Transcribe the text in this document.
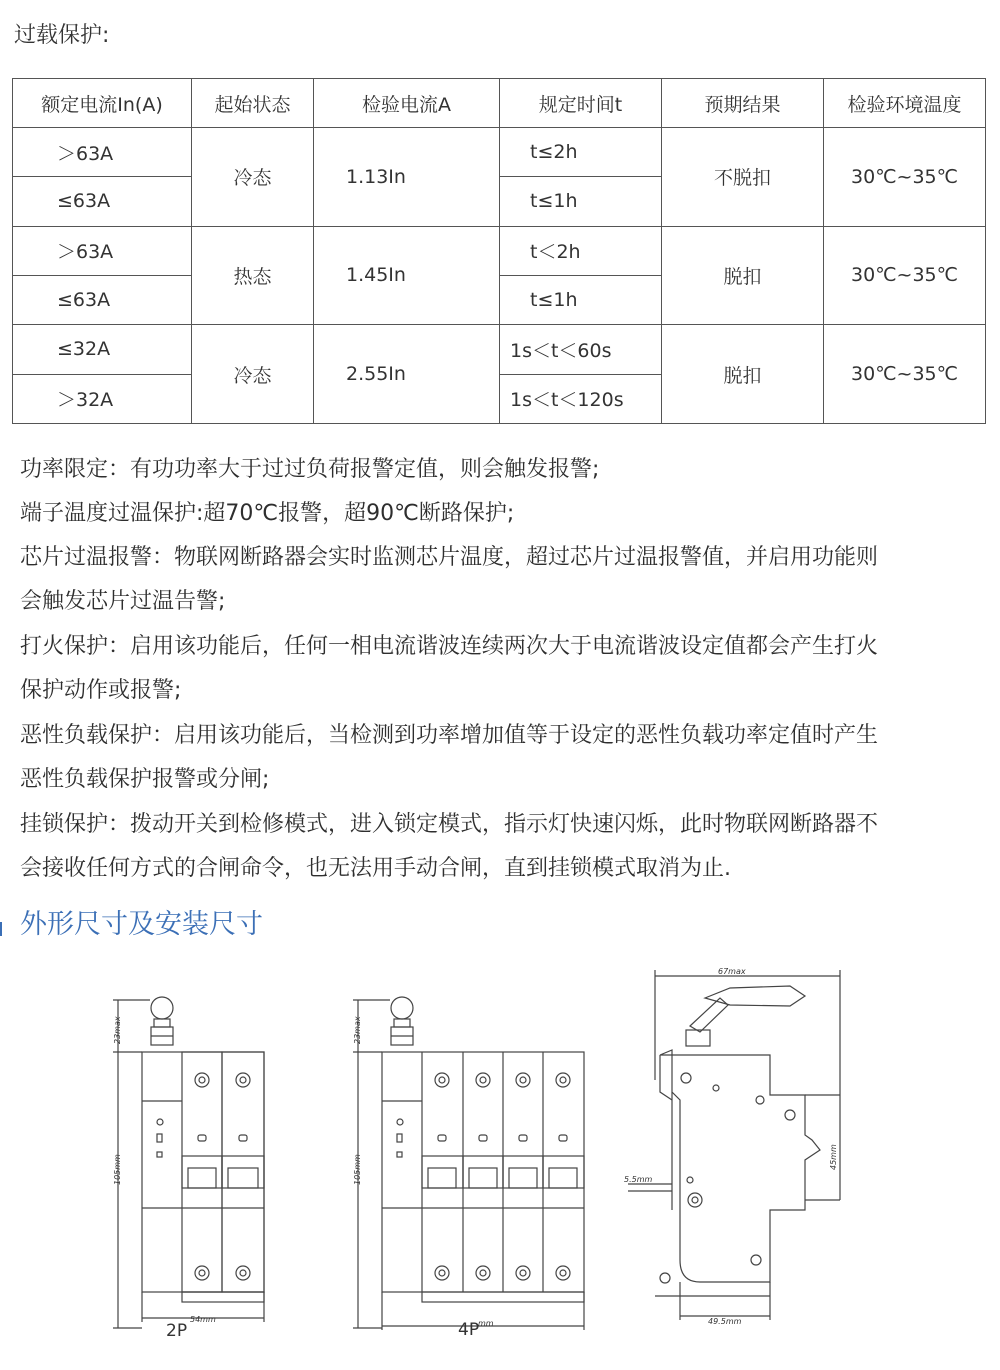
过载保护:
额定电流In(A)	起始状态	检验电流A	规定时间t	预期结果	检验环境温度
＞63A	冷态	1.13In	t≤2h	不脱扣	30℃~35℃
≤63A			t≤1h		
＞63A	热态	1.45In	t＜2h	脱扣	30℃~35℃
≤63A			t≤1h		
≤32A	冷态	2.55In	1s＜t＜60s	脱扣	30℃~35℃
＞32A			1s＜t＜120s		
功率限定：有功功率大于过过负荷报警定值，则会触发报警;
端子温度过温保护:超70℃报警，超90℃断路保护;
芯片过温报警：物联网断路器会实时监测芯片温度，超过芯片过温报警值，并启用功能则
会触发芯片过温告警;
打火保护：启用该功能后，任何一相电流谐波连续两次大于电流谐波设定值都会产生打火
保护动作或报警;
恶性负载保护：启用该功能后，当检测到功率增加值等于设定的恶性负载功率定值时产生
恶性负载保护报警或分闸;
挂锁保护：拨动开关到检修模式，进入锁定模式，指示灯快速闪烁，此时物联网断路器不
会接收任何方式的合闸命令，也无法用手动合闸，直到挂锁模式取消为止.
外形尺寸及安装尺寸
2P
54mm
23max
105mm
4P
mm
23max
105mm
67max
5.5mm
45mm
49.5mm
